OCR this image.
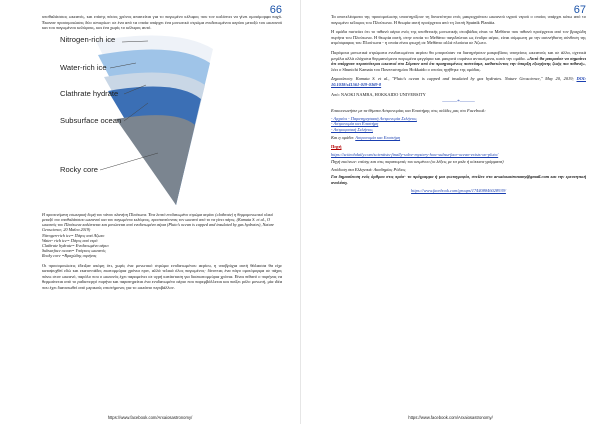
66

υποθαλάσσιος ωκεανός, και επίσης πόσος χρόνος απαιτείται για το παγωμένο κέλυφος που τον καλύπτει να γίνει ομοιόμορφα παχύ. Έκαναν προσομοιώσεις δύο σεναρίων: σε ένα από τα οποία υπάρχει ένα μονωτικό στρώμα ενυδατωμένου αερίου μεταξύ του ωκεανού και του παγωμένου κελύφους, και ένα χωρίς το κέλυφος αυτό.

Nitrogen-rich ice
Water-rich ice
Clathrate hydrate
Subsurface ocean
Rocky core

Η προτεινόμενη εσωτερική δομή του νάνου πλανήτη Πλούτωνα. Ένα λεπτό ενυδατωμένο στρώμα αερίου (clathrate) η θερμομονωτικό υλικό μεταξύ του υποθαλάσσιου ωκεανού και του παγωμένου κελύφους, προστατεύοντας τον ωκεανό από το να γίνει πάγος. (Kamata S. et al., Ο ωκεανός του Πλούτωνα καλύπτεται και μονώνεται από ενυδατωμένα αέρια (Pluto's ocean is capped and insulated by gas hydrates), Nature Geoscience, 20 Μαΐου 2019)

Nitrogen-rich ice= Πάγος από Άζωτο

Water- rich ice= Πάγος από νερό

Clathrate hydrate= Ενυδατωμένο αέριο

Subsurface ocean= Υπόγειος ωκεανός

Rocky core =Βραχώδης πυρήνας

Οι προσομοιώσεις έδειξαν ακόμη ότι, χωρίς ένα μονωτικό στρώμα ενυδατωμένου αερίου, η υποβρύχια αυτή θάλασσα θα είχε καταψυχθεί εδώ και εκατοντάδες εκατομμύρια χρόνια πριν, αλλά τελικά όλος παγωμένος· δίνοντας ένα πάγο ομοιόμορφα σε πάχος πάνω στον ωκεανό, παρόλο που ο ωκεανός έχει παραμείνει σε υγρή κατάσταση για δισεκατομμύρια χρόνια. Είναι πιθανό ο πυρήνας να θερμαίνεται από το ραδιενεργό πυρήνα και παρατηρείται ένα ενυδατωμένο αέριο που παρεμβάλλεται και παίζει ρόλο μονωτή, μία ιδέα που έχει διατυπωθεί από μερικούς επιστήμονες για το ωκεάνιο περιβάλλον.

https://www.facebook.com/Arxaiosastronomy/
67

Τα αποτελέσματα της προσομοίωσης υποστηρίζουν τη δυνατότητα ενός μακροχρόνιου ωκεανού υγρού νερού ο οποίος υπάρχει κάτω από το παγωμένο κέλυφος του Πλούτωνα. Η θεωρία αυτή προέρχεται από τη λοιπή Sputnik Planitia.

Η ομάδα πιστεύει ότι το πιθανό αέριο ενός της υποθετικής μονωτικής στοιβάδας είναι το Μεθάνιο που πιθανό προέρχεται από τον βραχώδη πυρήνα του Πλούτωνα. Η θεωρία αυτή, στην οποία το Μεθάνιο παγιδεύεται ως ένυδρο αέριο, είναι σύμφωνη με την ασυνήθιστη σύνθεση της ατμόσφαιρας του Πλούτωνα - η οποία είναι φτωχή σε Μεθάνιο αλλά πλούσια σε Άζωτο.

Παρόμοια μονωτικά στρώματα ενυδατωμένου αερίου θα μπορούσαν να διατηρήσουν μακροβίους υπογείους ωκεανούς και σε άλλα, σχετικά μεγάλα αλλά ελάχιστα θερμαινόμενα παγωμένα φεγγάρια και μακρινά ουράνια αντικείμενα, κατά την ομάδα. «Αυτό θα μπορούσε να σημαίνει ότι υπάρχουν περισσότεροι ωκεανοί στο Σύμπαν από ότι προηγουμένως πιστεύαμε, καθιστώντας την ύπαρξη εξωγήινης ζωής πιο πιθανή», λέει ο Shunichi Kamata του Πανεπιστημίου Hokkaido ο οποίος ηγήθηκε της ομάδας.

Δημοσίευση: Kamata S. et al., "Pluto's ocean is capped and insulated by gas hydrates. Nature Geoscience," May 20, 2019; DOI: 10.1038/s41561-019-0369-8

Από: NAOKI NAMBA, HOKKAIDO UNIVERSITY

———*———

Επικοινωνήστε με τα θέματα Αστρονομίας και Επιστήμης στις σελίδες μας στο Facebook:

- Αρχαίοι - Παρατηρησιακή Αστρονομία Σελήνιος
- Αστρονομία και Επιστήμη
- Αστροφυσική Σελήνιος

Και η ομάδα: Αστρονομία και Επιστήμη

Πηγή

https://scitechdaily.com/scientists-finally-solve-mystery-how-subsurface-ocean-exists-on-pluto/

Πηγή εικόνων: επίσης και στις παραπομπές του κειμένου (οι λέξεις με τα μπλε ή κόκκινα γράμματα)

Απόδοση στα Ελληνικά: Ακαδημίας Ρόδιος

Για δημοσίευση ενός άρθρου στις πρόσ- το πρόγραμμα ή μια φωτογραφία, στείλτε στο arxaiosastronomy@gmail.com και την ερευνητική αναλύση.

https://www.facebook.com/groups/174408846028939/

https://www.facebook.com/Arxaiosastronomy/
